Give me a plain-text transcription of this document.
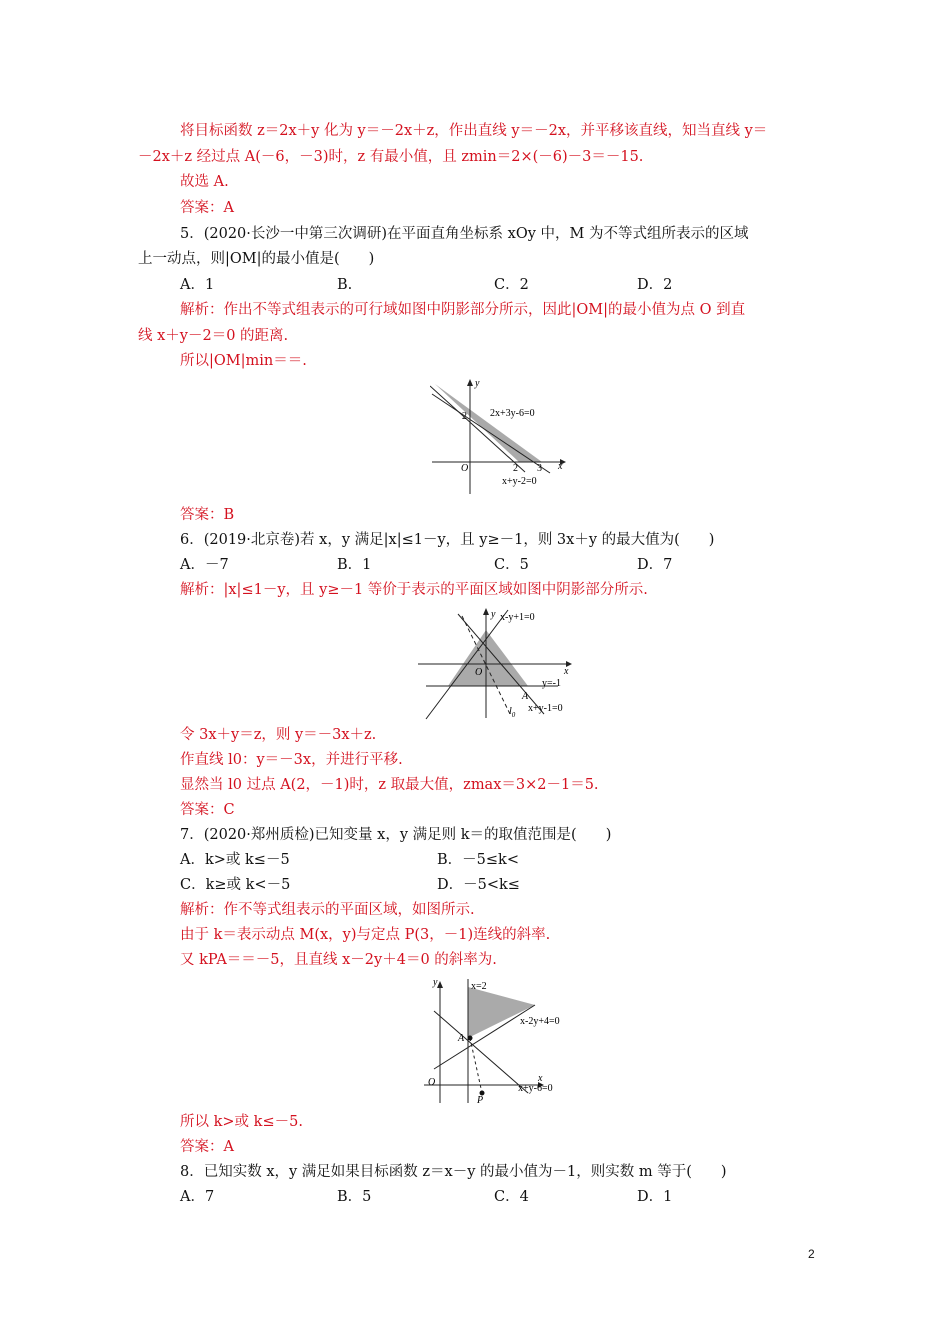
将目标函数 z＝2x＋y 化为 y＝－2x＋z，作出直线 y＝－2x，并平移该直线，知当直线 y＝
－2x＋z 经过点 A(－6，－3)时，z 有最小值，且 zmin＝2×(－6)－3＝－15.
故选 A.
答案：A
5．(2020·长沙一中第三次调研)在平面直角坐标系 xOy 中，M 为不等式组所表示的区域
上一动点，则|OM|的最小值是(　　)
A．1	B.	C．2	D．2
解析：作出不等式组表示的可行域如图中阴影部分所示，因此|OM|的最小值为点 O 到直
线 x＋y－2＝0 的距离.
所以|OM|min＝＝.
y
2 2x+3y-6=0
O	2 3 x
x+y-2=0
答案：B
6．(2019·北京卷)若 x，y 满足|x|≤1－y，且 y≥－1，则 3x＋y 的最大值为(　　)
A．－7	B．1	C．5	D．7
解析：|x|≤1－y，且 y≥－1 等价于表示的平面区域如图中阴影部分所示.
y x-y+1=0
O	x
y=-1
A
$l_0$
x+y-1=0
令 3x＋y＝z，则 y＝－3x＋z.
作直线 l0：y＝－3x，并进行平移.
显然当 l0 过点 A(2，－1)时，z 取最大值，zmax＝3×2－1＝5.
答案：C
7．(2020·郑州质检)已知变量 x，y 满足则 k＝的取值范围是(　　)
A．k>或 k≤－5	B．－5≤k<
C．k≥或 k<－5	D．－5<k≤
解析：作不等式组表示的平面区域，如图所示.
由于 k＝表示动点 M(x，y)与定点 P(3，－1)连线的斜率.
又 kPA＝＝－5，且直线 x－2y＋4＝0 的斜率为.
y	x=2
x-2y+4=0
A
O	x
P
x+y-6=0
所以 k>或 k≤－5.
答案：A
8．已知实数 x，y 满足如果目标函数 z＝x－y 的最小值为－1，则实数 m 等于(　　)
A．7	B．5	C．4	D．1
2
